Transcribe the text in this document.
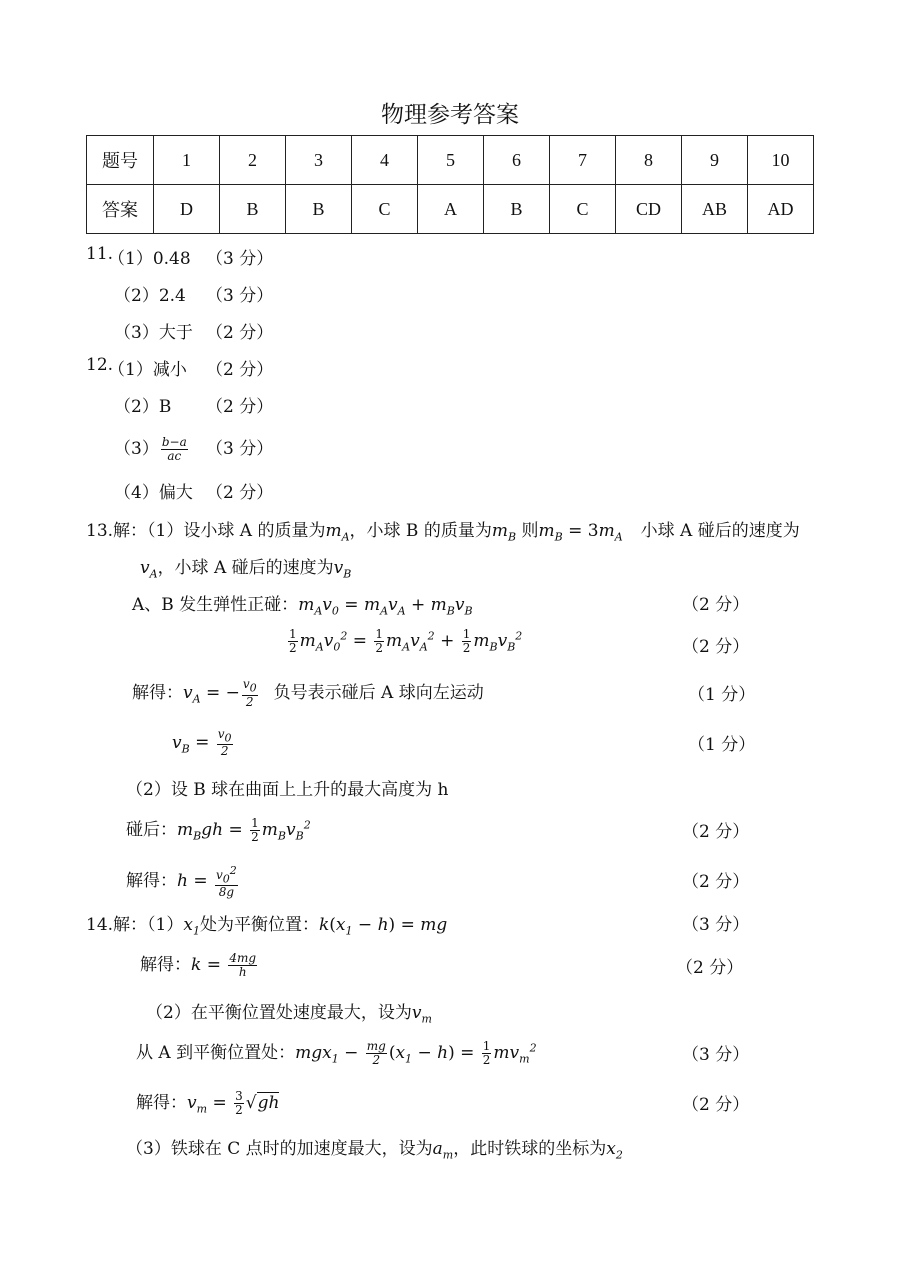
物理参考答案
题号	1	2	3	4	5	6	7	8	9	10
答案	D	B	B	C	A	B	C	CD	AB	AD
11.
（1）0.48 （3 分）
（2）2.4 （3 分）
（3）大于 （2 分）
12.
（1）减小 （2 分）
（2）B （2 分）
$(3) \frac{b-a}{ac} (3$ 分）
（4）偏大 （2 分）
13.解：（1）设小球 A 的质量为$m_A$，小球 B 的质量为$m_B$ 则$m_B = 3m_A$ 小球 A 碰后的速度为
$v_A$，小球 A 碰后的速度为$v_B$
A、B 发生弹性正碰：$m_Av_0 = m_Av_A + m_Bv_B$	（2 分）
$\frac{1}{2} m_Av_0^2 = \frac{1}{2} m_Av_A^2 + \frac{1}{2} m_Bv_B^2$
（2 分）
解得：$v_A$ = − $\frac{v_0}{2}$ 负号表示碰后 A 球向左运动	（1 分）
$v_B = \frac{v_0}{2}$	（1 分）
（2）设 B 球在曲面上上升的最大高度为 h
碰后：$m_Bgh = \frac{1}{2} m_Bv_B^2$	（2 分）
解得：$h = \frac{v_0^2}{8g}$	（2 分）
14.解：$(1)x_1$处为平衡位置：$k(x_1 - h)$ = mg	（3 分）
解得：$k = \frac{4mg}{h}$	（2 分）
（2）在平衡位置处速度最大，设为$v_m$
从 A 到平衡位置处：$mgx_1 - \frac{mg}{2} (x_1 - h) = \frac{1}{2} mv_m^2$	（3 分）
解得：$v_m = \frac{3}{2} √gh$	（2 分）
（3）铁球在 C 点时的加速度最大，设为$a_m$，此时铁球的坐标为$x_2$
